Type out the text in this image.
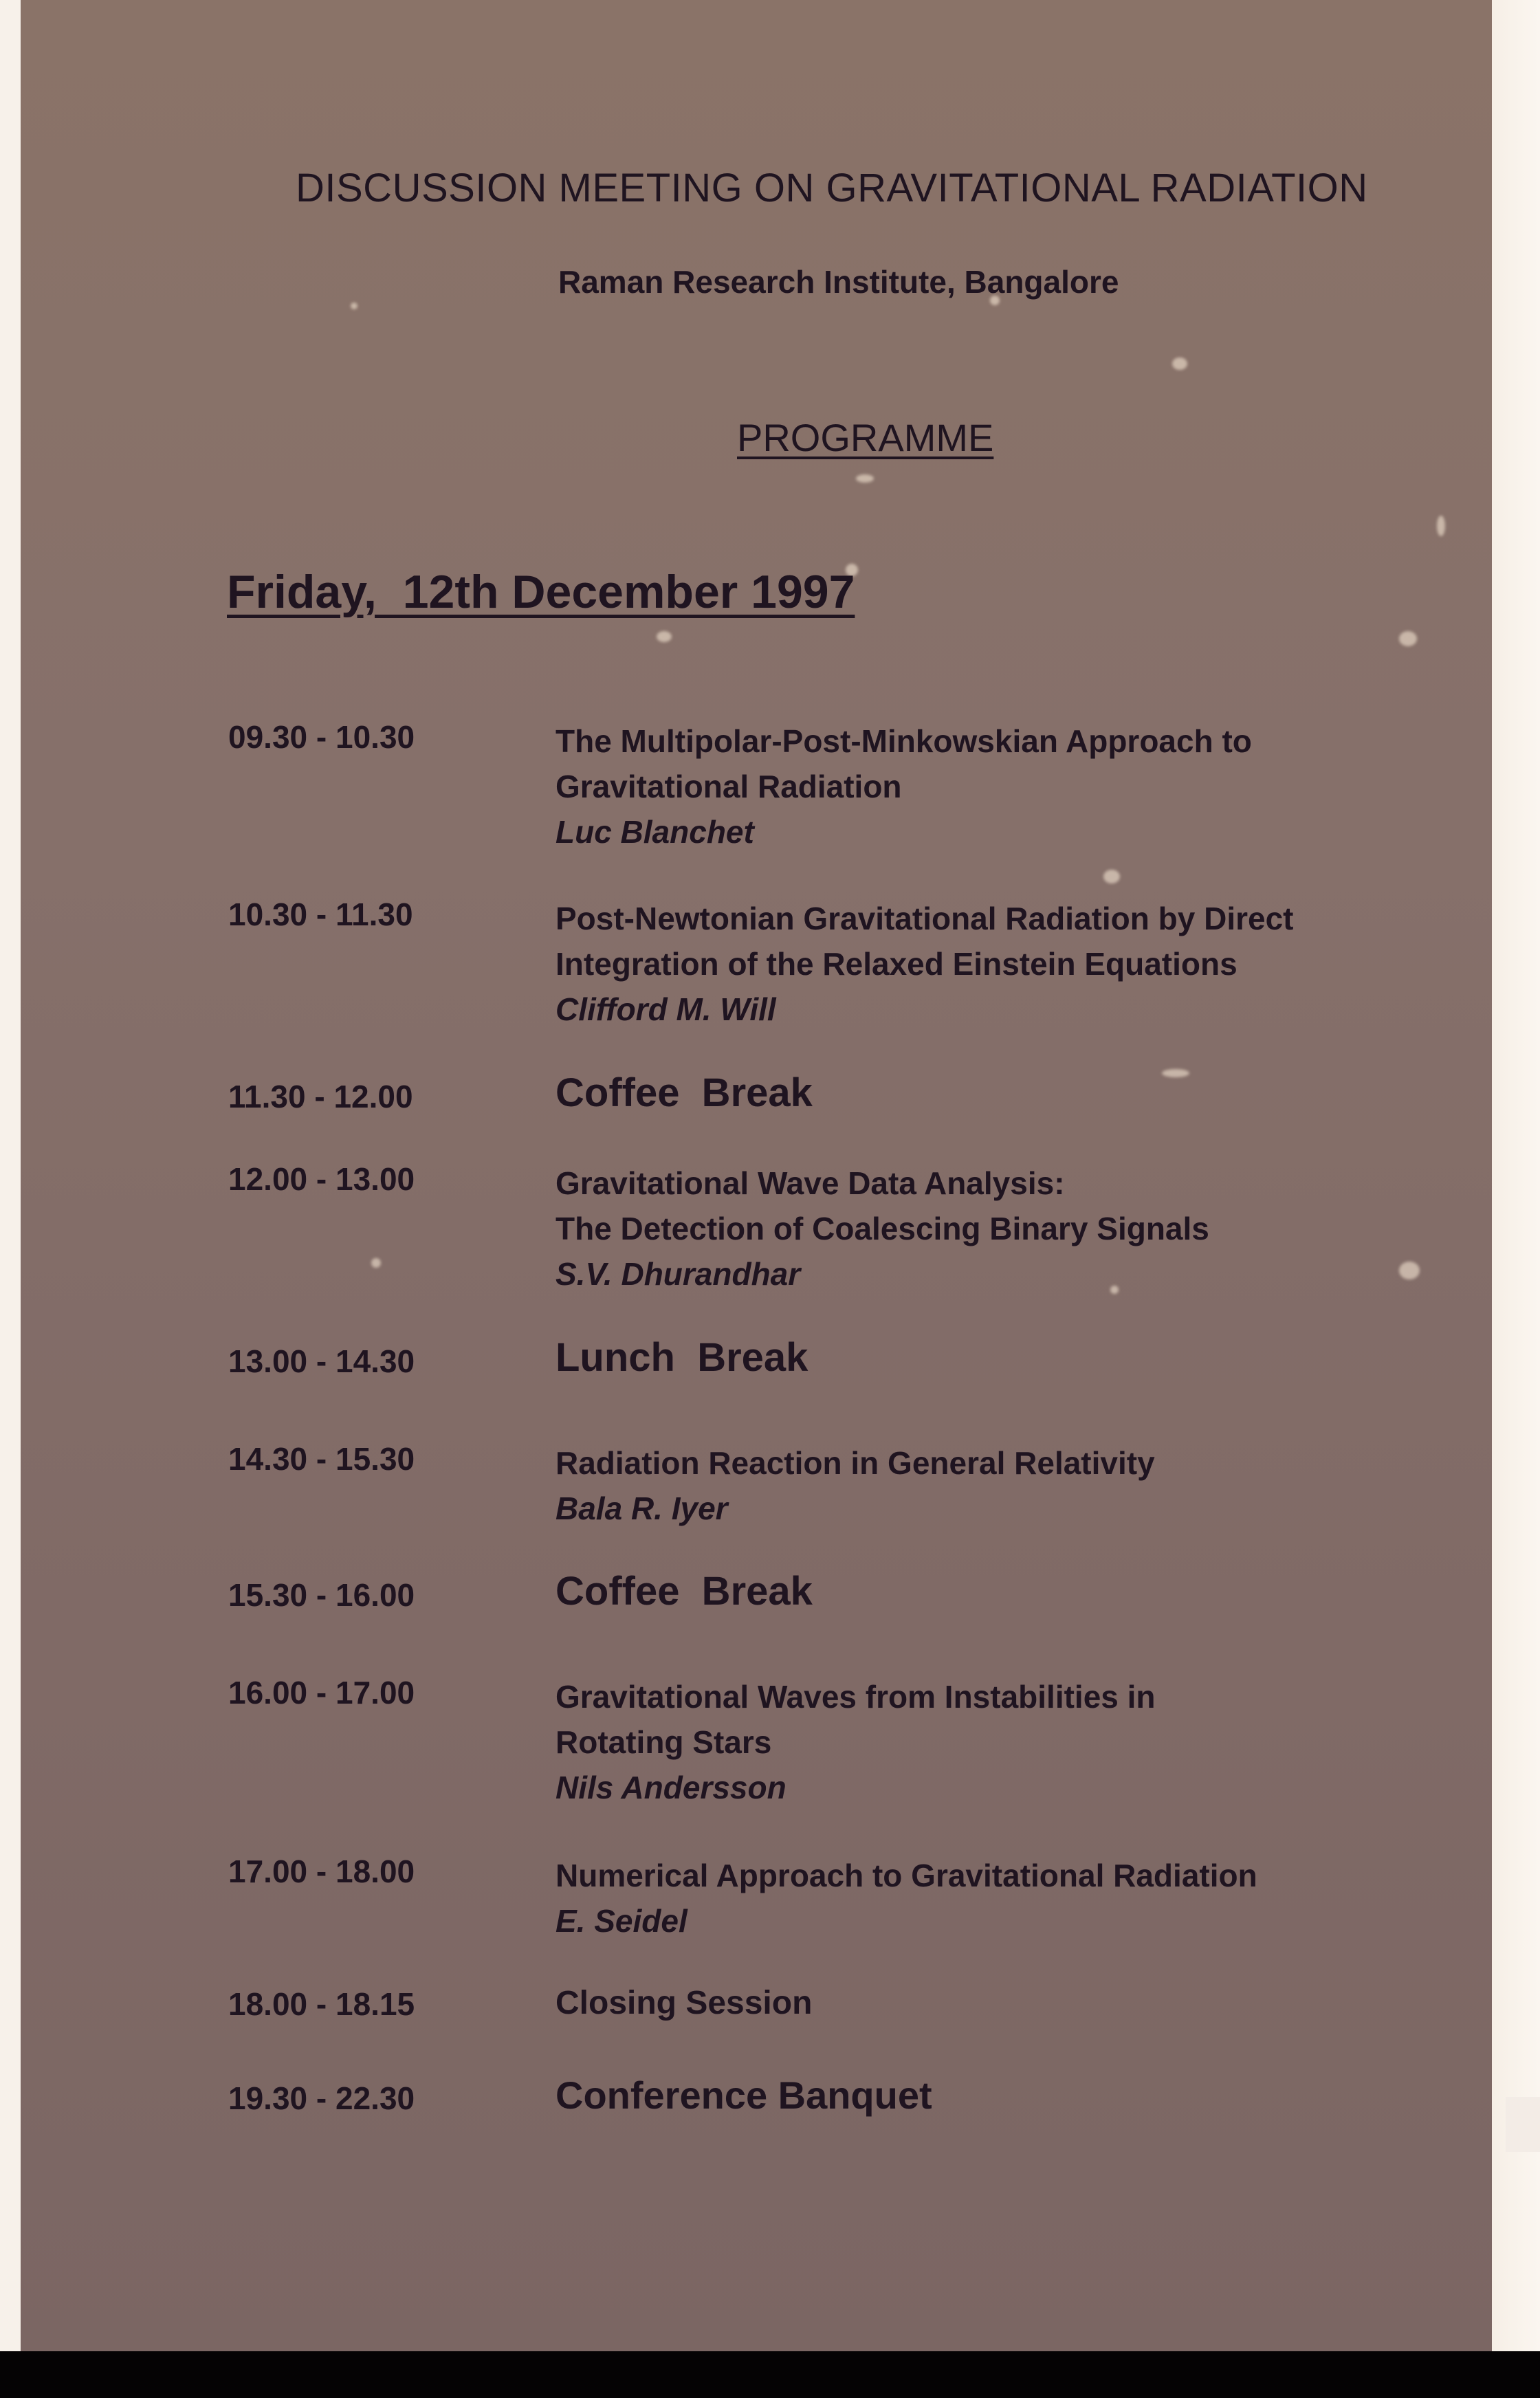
DISCUSSION MEETING ON GRAVITATIONAL RADIATION
Raman Research Institute, Bangalore
PROGRAMME
Friday,  12th December 1997
09.30 - 10.30	The Multipolar-Post-Minkowskian Approach to
Gravitational Radiation
Luc Blanchet
10.30 - 11.30	Post-Newtonian Gravitational Radiation by Direct
Integration of the Relaxed Einstein Equations
Clifford M. Will
11.30 - 12.00	Coffee  Break
12.00 - 13.00	Gravitational Wave Data Analysis:
The Detection of Coalescing Binary Signals
S.V. Dhurandhar
13.00 - 14.30	Lunch  Break
14.30 - 15.30	Radiation Reaction in General Relativity
Bala R. Iyer
15.30 - 16.00	Coffee  Break
16.00 - 17.00	Gravitational Waves from Instabilities in
Rotating Stars
Nils Andersson
17.00 - 18.00	Numerical Approach to Gravitational Radiation
E. Seidel
18.00 - 18.15	Closing Session
19.30 - 22.30	Conference Banquet
